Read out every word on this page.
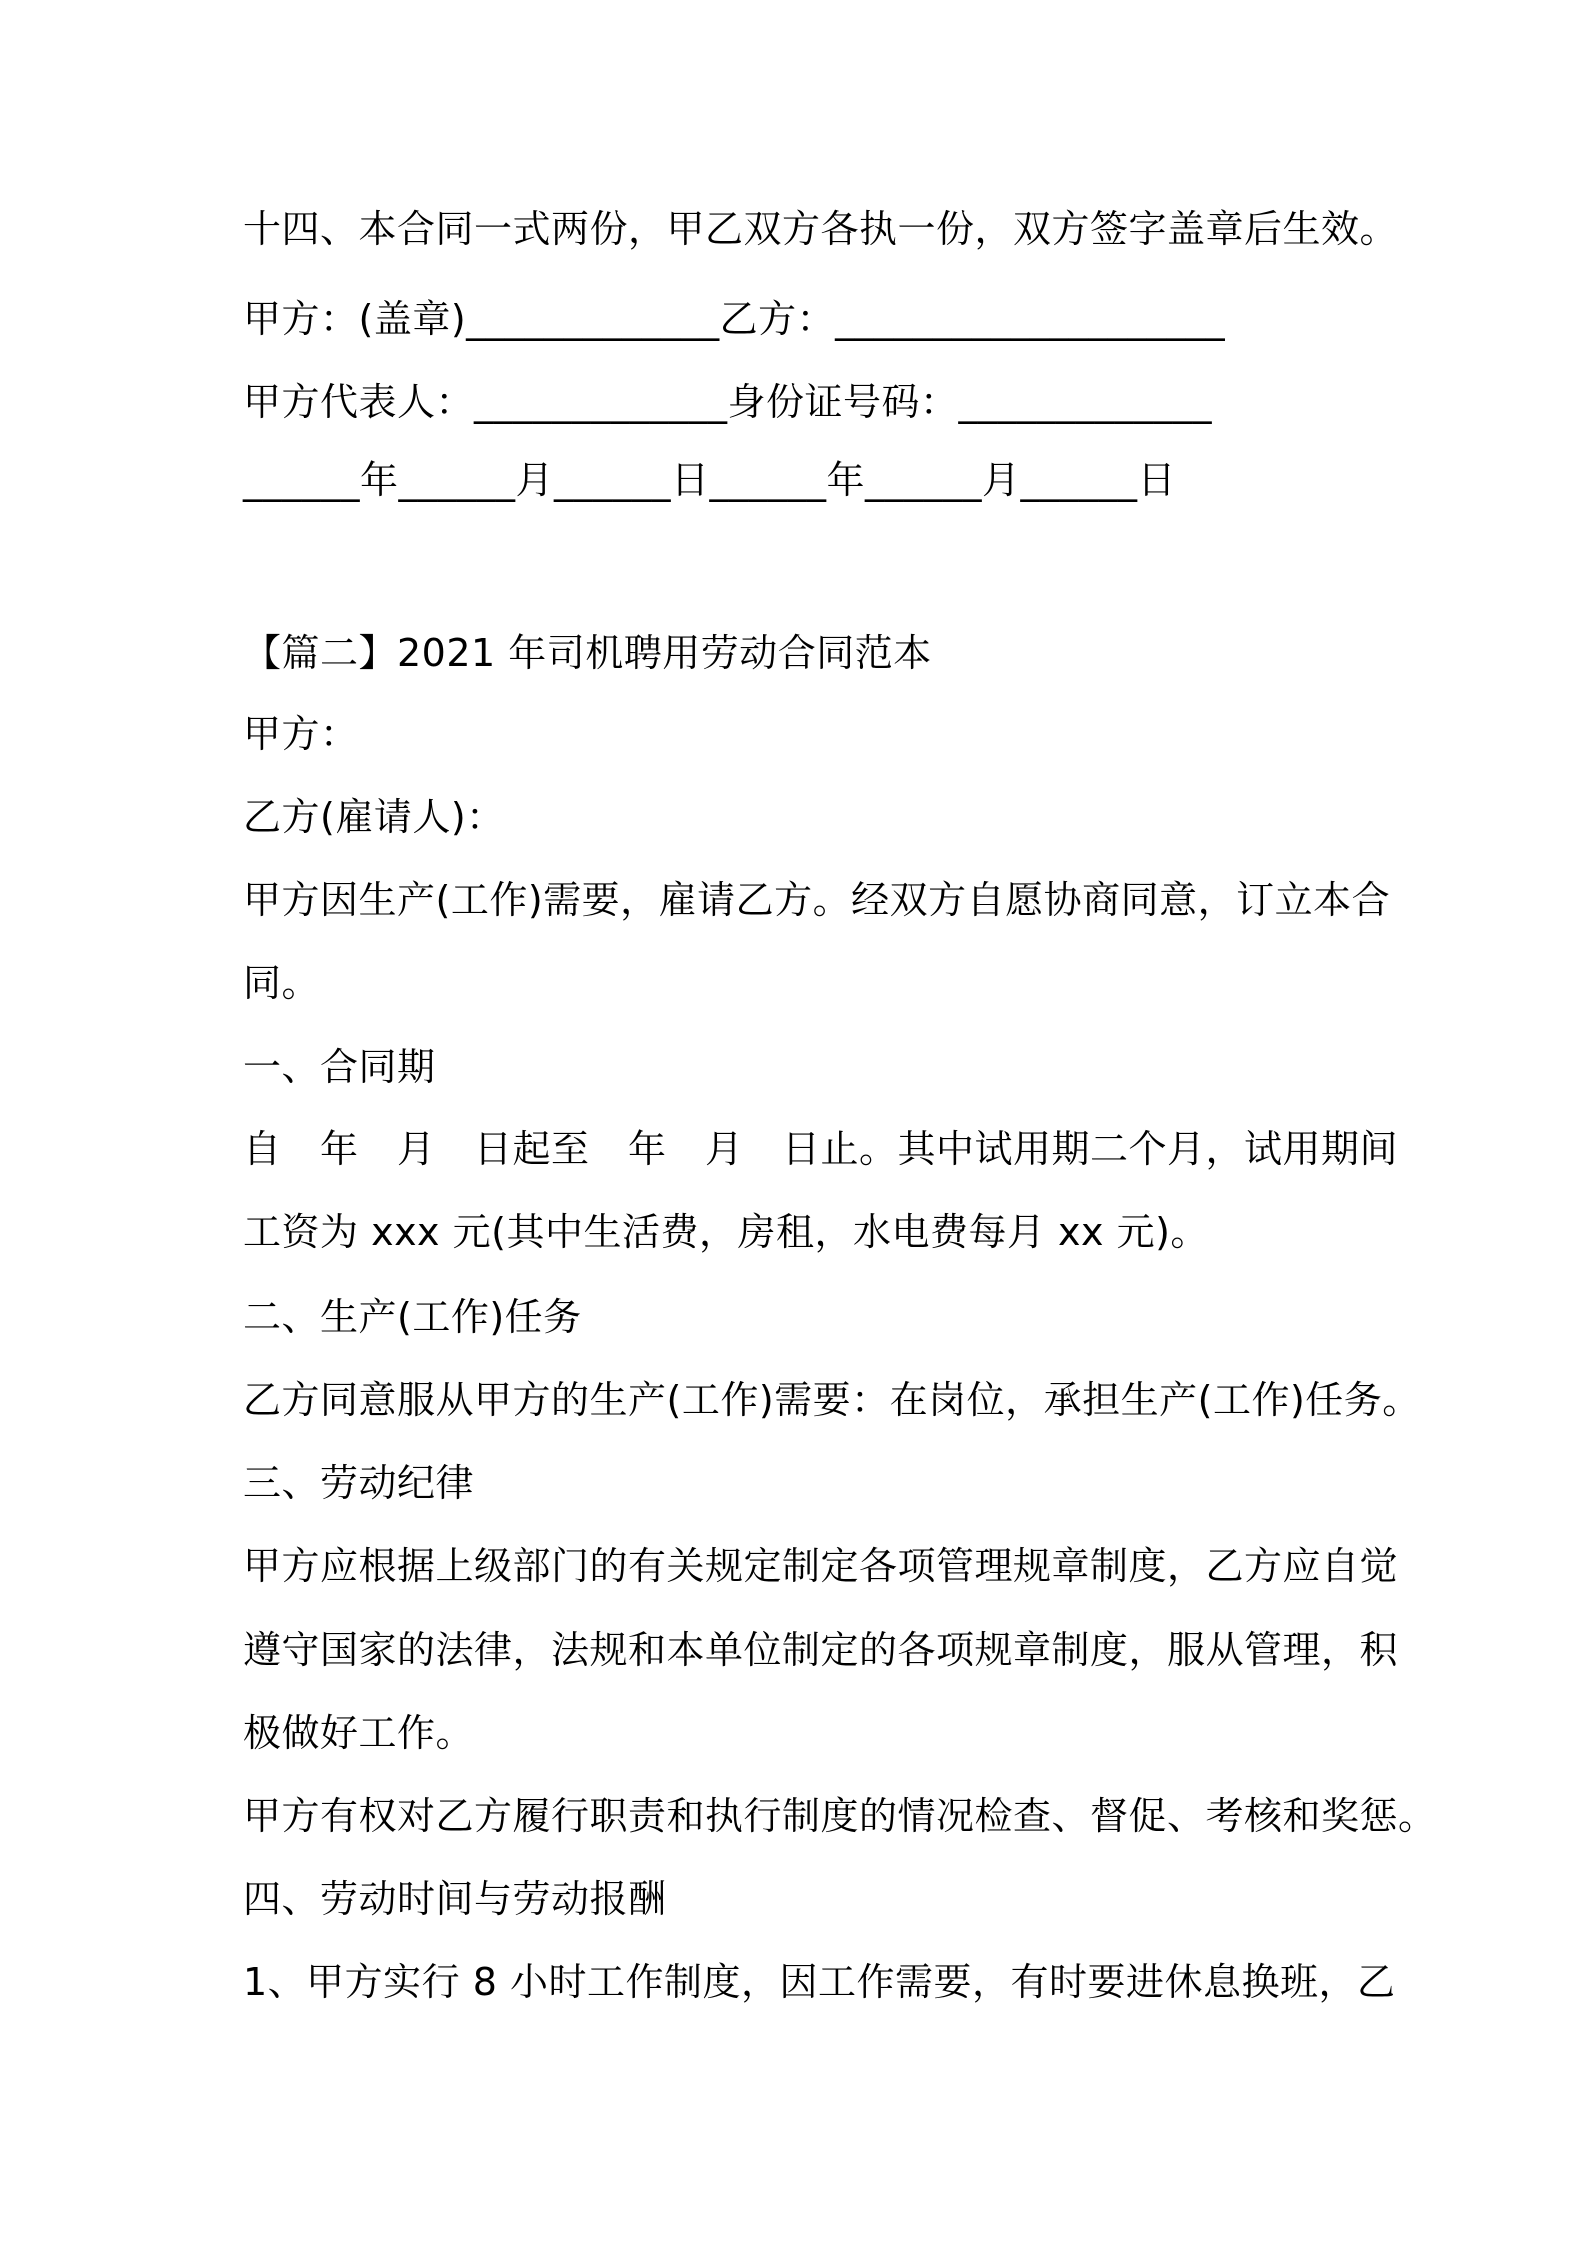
十四、本合同一式两份，甲乙双方各执一份，双方签字盖章后生效。
甲方：(盖章)_____________乙方：____________________
甲方代表人：_____________身份证号码：_____________
______年______月______日______年______月______日
【篇二】2021 年司机聘用劳动合同范本
甲方：
乙方(雇请人)：
甲方因生产(工作)需要，雇请乙方。经双方自愿协商同意，订立本合
同。
一、合同期
自　年　月　日起至　年　月　日止。其中试用期二个月，试用期间
工资为 xxx 元(其中生活费，房租，水电费每月 xx 元)。
二、生产(工作)任务
乙方同意服从甲方的生产(工作)需要：在岗位，承担生产(工作)任务。
三、劳动纪律
甲方应根据上级部门的有关规定制定各项管理规章制度，乙方应自觉
遵守国家的法律，法规和本单位制定的各项规章制度，服从管理，积
极做好工作。
甲方有权对乙方履行职责和执行制度的情况检查、督促、考核和奖惩。
四、劳动时间与劳动报酬
1、甲方实行 8 小时工作制度，因工作需要，有时要进休息换班，乙
